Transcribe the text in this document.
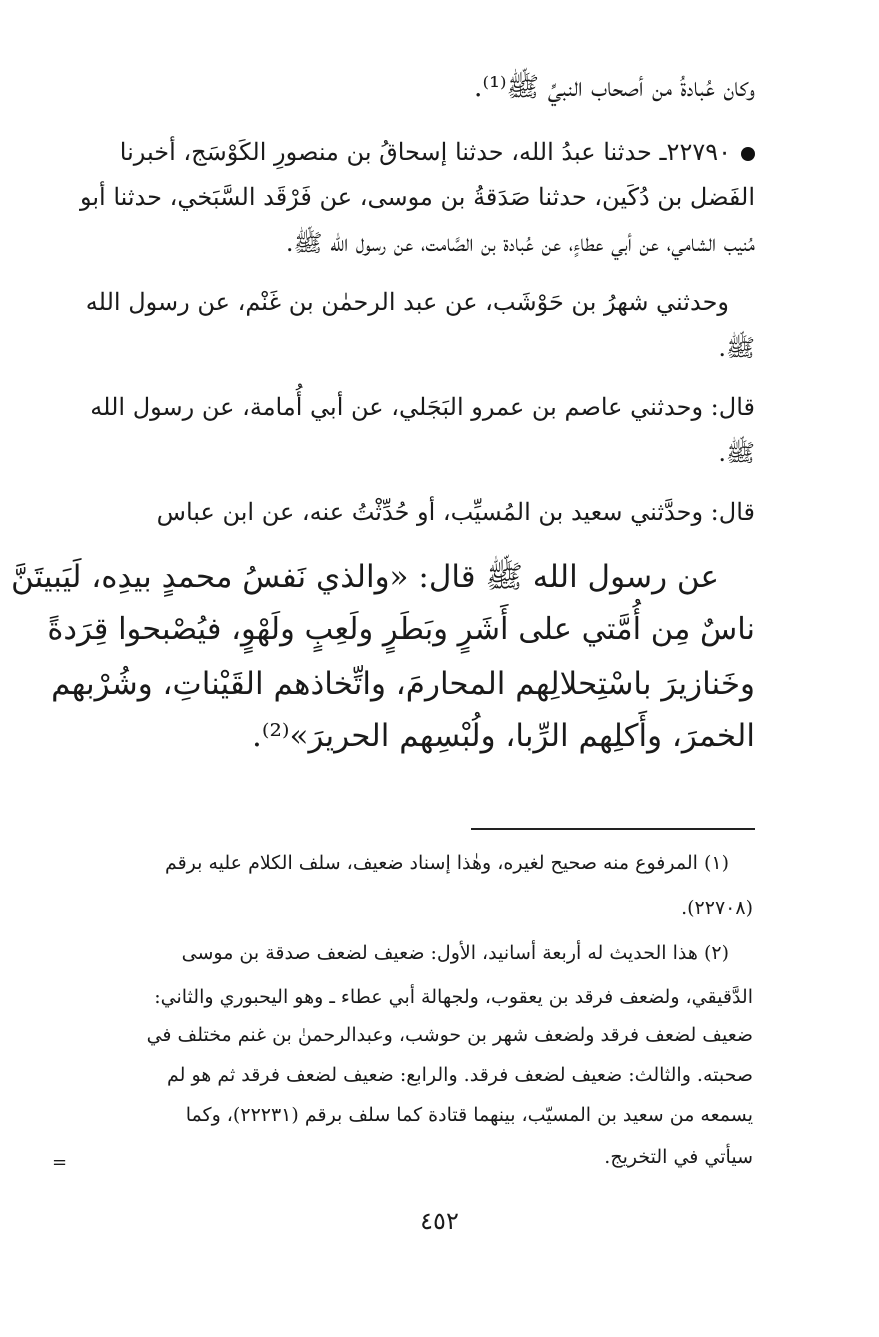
وكان عُبادةُ من أصحاب النبيِّ ﷺ⁽¹⁾.
٢٢٧٩٠ـ حدثنا عبدُ الله، حدثنا إسحاقُ بن منصورِ الكَوْسَج، أخبرنا
الفَضل بن دُكَين، حدثنا صَدَقةُ بن موسى، عن فَرْقَد السَّبَخي، حدثنا أبو
مُنيب الشامي، عن أبي عطاءٍ، عن عُبادة بن الصَّامت، عن رسول الله ﷺ.
وحدثني شهرُ بن حَوْشَب، عن عبد الرحمٰن بن غَنْم، عن رسول الله
ﷺ.
قال: وحدثني عاصم بن عمرو البَجَلي، عن أبي أُمامة، عن رسول الله
ﷺ.
قال: وحدَّثني سعيد بن المُسيِّب، أو حُدِّثْتُ عنه، عن ابن عباس
عن رسول الله ﷺ قال: «والذي نَفسُ محمدٍ بيدِه، لَيَبيتَنَّ
ناسٌ مِن أُمَّتي على أَشَرٍ وبَطَرٍ ولَعِبٍ ولَهْوٍ، فيُصْبحوا قِرَدةً
وخَنازيرَ باسْتِحلالِهم المحارمَ، واتِّخاذهم القَيْناتِ، وشُرْبهم
الخمرَ، وأَكلِهم الرِّبا، ولُبْسِهم الحريرَ»⁽²⁾.
(١) المرفوع منه صحيح لغيره، وهٰذا إسناد ضعيف، سلف الكلام عليه برقم
(٢٢٧٠٨).
(٢) هذا الحديث له أربعة أسانيد، الأول: ضعيف لضعف صدقة بن موسى
الدَّقيقي، ولضعف فرقد بن يعقوب، ولجهالة أبي عطاء ـ وهو اليحبوري والثاني:
ضعيف لضعف فرقد ولضعف شهر بن حوشب، وعبدالرحمنٰ بن غنم مختلف في
صحبته. والثالث: ضعيف لضعف فرقد. والرابع: ضعيف لضعف فرقد ثم هو لم
يسمعه من سعيد بن المسيّب، بينهما قتادة كما سلف برقم (٢٢٢٣١)، وكما
سيأتي في التخريج.
=
٤٥٢
